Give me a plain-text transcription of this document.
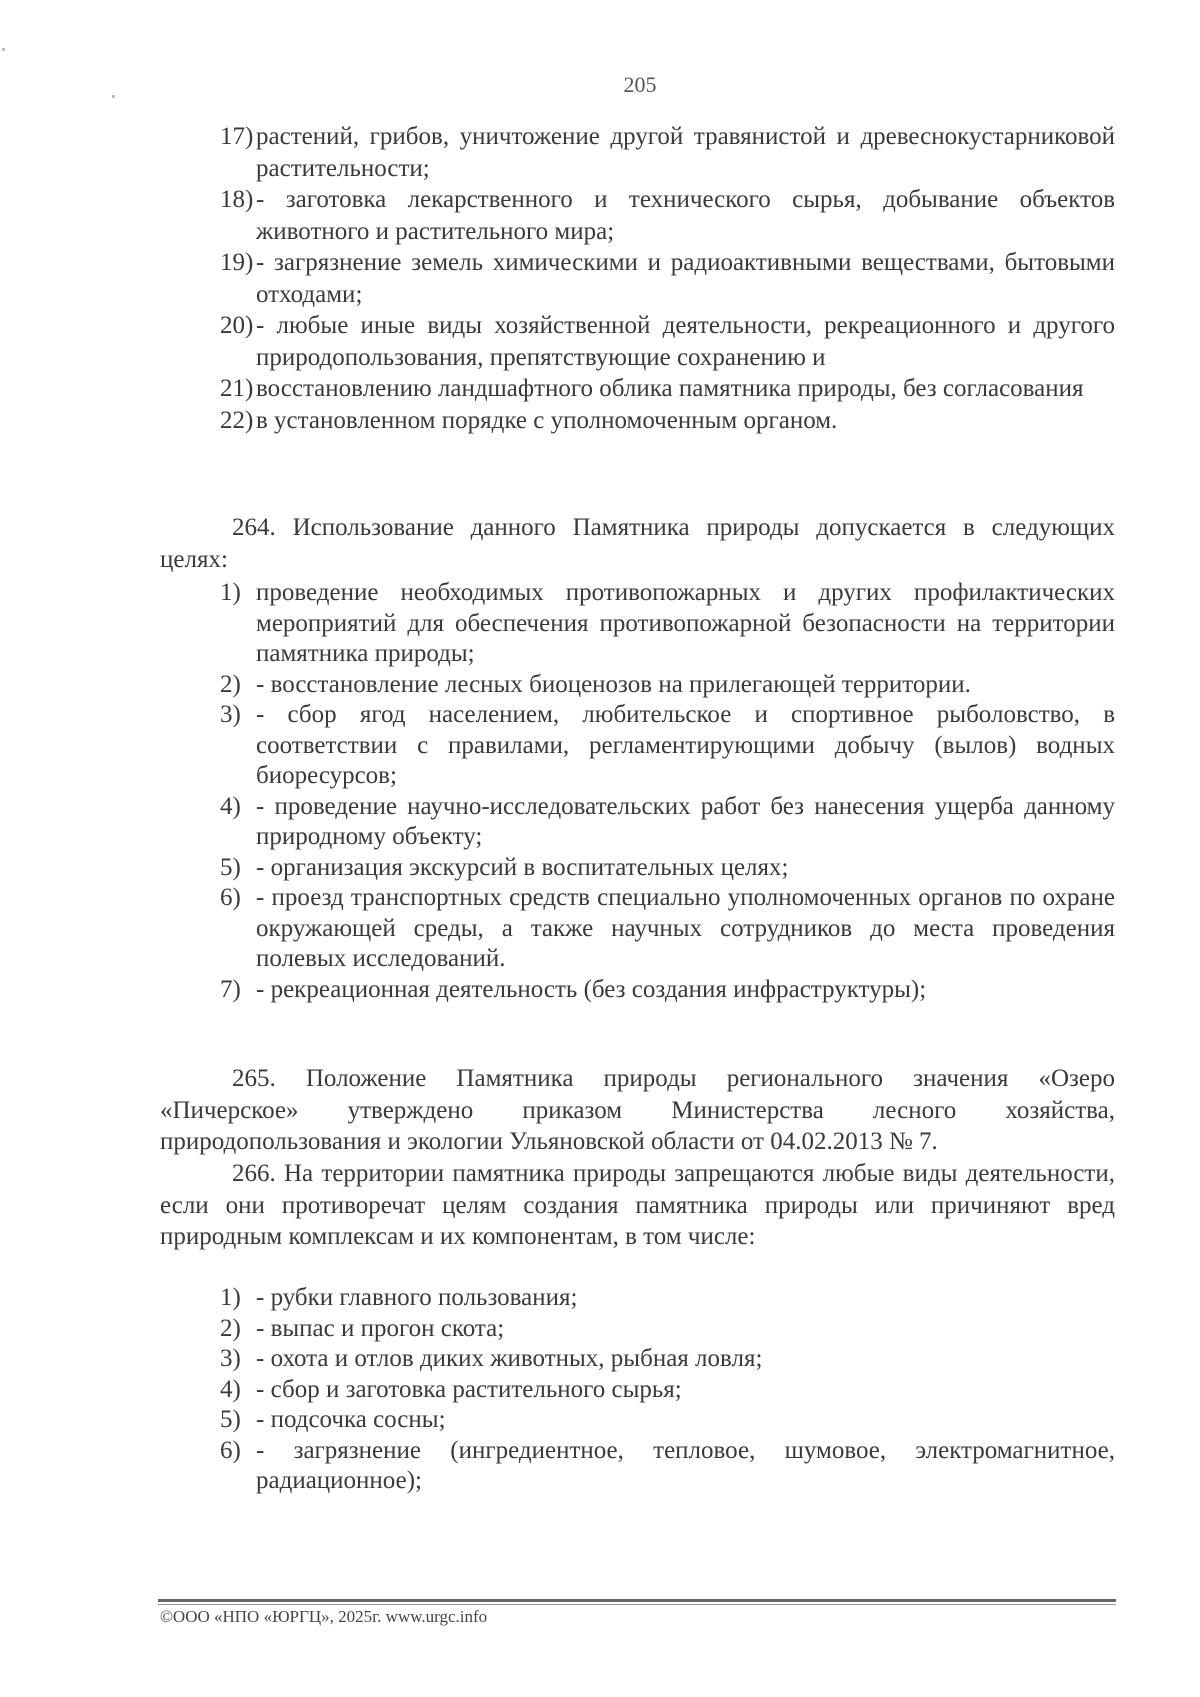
205
17) растений, грибов, уничтожение другой травянистой и древеснокустарниковой растительности;
18) - заготовка лекарственного и технического сырья, добывание объектов животного и растительного мира;
19) - загрязнение земель химическими и радиоактивными веществами, бытовыми отходами;
20) - любые иные виды хозяйственной деятельности, рекреационного и другого природопользования, препятствующие сохранению и
21) восстановлению ландшафтного облика памятника природы, без согласования
22) в установленном порядке с уполномоченным органом.
264. Использование данного Памятника природы допускается в следующих целях:
1) проведение необходимых противопожарных и других профилактических мероприятий для обеспечения противопожарной безопасности на территории памятника природы;
2) - восстановление лесных биоценозов на прилегающей территории.
3) - сбор ягод населением, любительское и спортивное рыболовство, в соответствии с правилами, регламентирующими добычу (вылов) водных биоресурсов;
4) - проведение научно-исследовательских работ без нанесения ущерба данному природному объекту;
5) - организация экскурсий в воспитательных целях;
6) - проезд транспортных средств специально уполномоченных органов по охране окружающей среды, а также научных сотрудников до места проведения полевых исследований.
7) - рекреационная деятельность (без создания инфраструктуры);
265. Положение Памятника природы регионального значения «Озеро «Пичерское» утверждено приказом Министерства лесного хозяйства, природопользования и экологии Ульяновской области от 04.02.2013 № 7.
266. На территории памятника природы запрещаются любые виды деятельности, если они противоречат целям создания памятника природы или причиняют вред природным комплексам и их компонентам, в том числе:
1) - рубки главного пользования;
2) - выпас и прогон скота;
3) - охота и отлов диких животных, рыбная ловля;
4) - сбор и заготовка растительного сырья;
5) - подсочка сосны;
6) - загрязнение (ингредиентное, тепловое, шумовое, электромагнитное, радиационное);
©ООО «НПО «ЮРГЦ», 2025г. www.urgc.info
